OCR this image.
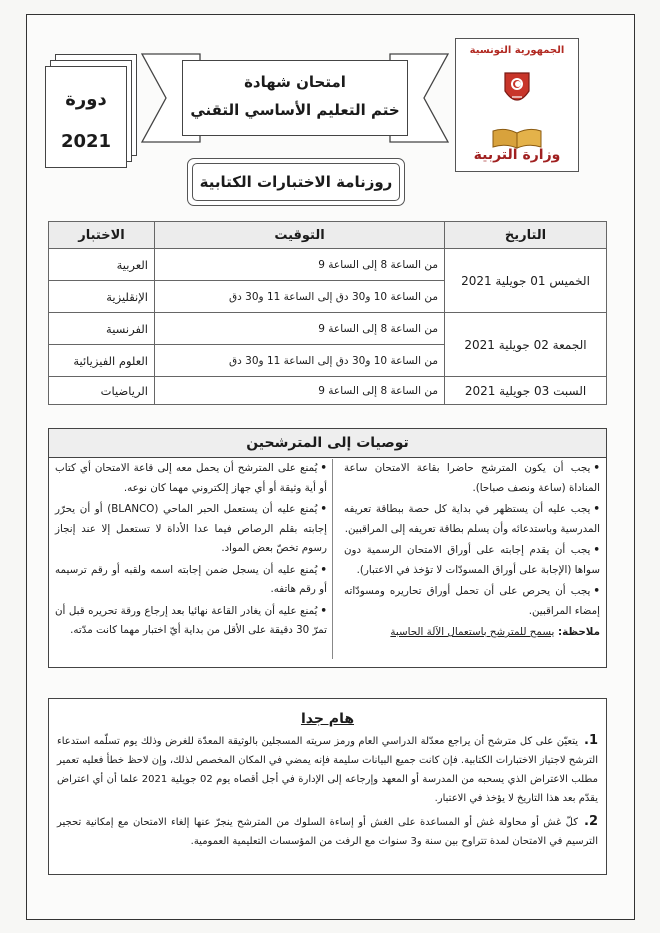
الجمهورية التونسية
وزارة التربية
دورة
2021
امتحان شهادة
ختم التعليم الأساسي التقني
روزنامة الاختبارات الكتابية
التاريخ	التوقيت	الاختبار
الخميس 01 جويلية 2021	من الساعة 8 إلى الساعة 9	العربية
	من الساعة 10 و30 دق إلى الساعة 11 و30 دق	الإنقليزية
الجمعة 02 جويلية 2021	من الساعة 8 إلى الساعة 9	الفرنسية
	من الساعة 10 و30 دق إلى الساعة 11 و30 دق	العلوم الفيزيائية
السبت 03 جويلية 2021	من الساعة 8 إلى الساعة 9	الرياضيات
توصيات إلى المترشحين

•يجب أن يكون المترشح حاضرا بقاعة الامتحان ساعة المناداة (ساعة ونصف صباحا).

•يجب عليه أن يستظهر في بداية كل حصة ببطاقة تعريفه المدرسية وباستدعائه وأن يسلم بطاقة تعريفه إلى المراقبين.

•يجب أن يقدم إجابته على أوراق الامتحان الرسمية دون سواها (الإجابة على أوراق المسودّات لا تؤخذ في الاعتبار).

•يجب أن يحرص على أن تحمل أوراق تحاريره ومسودّاته إمضاء المراقبين.

ملاحظة: يسمح للمترشح باستعمال الآلة الحاسبة

•يُمنع على المترشح أن يحمل معه إلى قاعة الامتحان أي كتاب أو أية وثيقة أو أي جهاز إلكتروني مهما كان نوعه.

•يُمنع عليه أن يستعمل الحبر الماحي (BLANCO) أو أن يحرّر إجابته بقلم الرصاص فيما عدا الأداة لا تستعمل إلا عند إنجاز رسوم تخصّ بعض المواد.

•يُمنع عليه أن يسجل ضمن إجابته اسمه ولقبه أو رقم ترسيمه أو رقم هاتفه.

•يُمنع عليه أن يغادر القاعة نهائيا بعد إرجاع ورقة تحريره قبل أن تمرّ 30 دقيقة على الأقل من بداية أيّ اختبار مهما كانت مدّته.

هام جدا
1.يتعيّن على كل مترشح أن يراجع معدّلة الدراسي العام ورمز سريته المسجلين بالوثيقة المعدّة للغرض وذلك يوم تسلّمه استدعاء الترشح لاجتياز الاختبارات الكتابية. فإن كانت جميع البيانات سليمة فإنه يمضي في المكان المخصص لذلك، وإن لاحظ خطأ فعليه تعمير مطلب الاعتراض الذي يسحبه من المدرسة أو المعهد وإرجاعه إلى الإدارة في أجل أقصاه يوم 02 جويلية 2021 علما أن أي اعتراض يقدّم بعد هذا التاريخ لا يؤخذ في الاعتبار.
2.كلّ غش أو محاولة غش أو المساعدة على الغش أو إساءة السلوك من المترشح ينجرّ عنها إلغاء الامتحان مع إمكانية تحجير الترسيم في الامتحان لمدة تتراوح بين سنة و3 سنوات مع الرفت من المؤسسات التعليمية العمومية.
